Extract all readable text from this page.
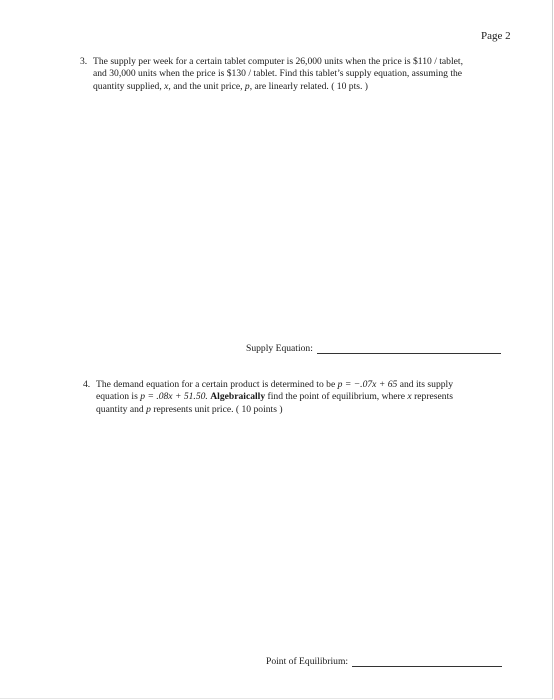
Page 2
3. The supply per week for a certain tablet computer is 26,000 units when the price is $110 / tablet,
and 30,000 units when the price is $130 / tablet. Find this tablet’s supply equation, assuming the
quantity supplied, x, and the unit price, p, are linearly related. ( 10 pts. )
Supply Equation:
4. The demand equation for a certain product is determined to be p = −.07x + 65 and its supply
equation is p = .08x + 51.50. Algebraically find the point of equilibrium, where x represents
quantity and p represents unit price. ( 10 points )
Point of Equilibrium:
